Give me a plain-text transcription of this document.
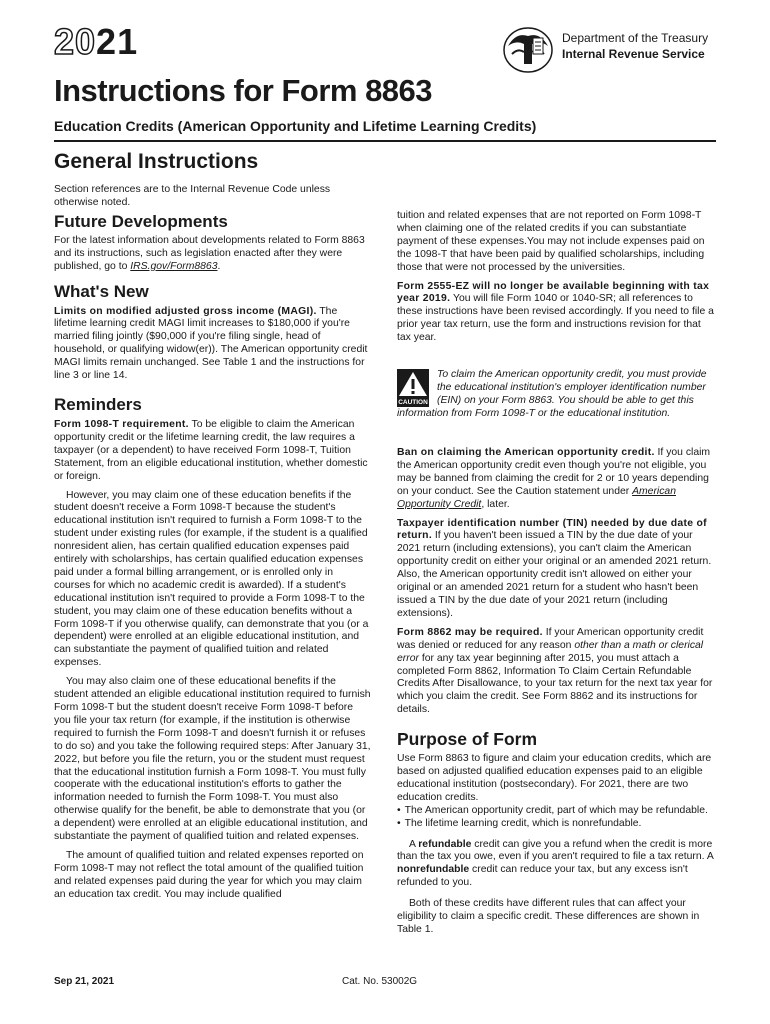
2021	Department of the Treasury
Internal Revenue Service
Instructions for Form 8863
Education Credits (American Opportunity and Lifetime Learning Credits)
General Instructions

Section references are to the Internal Revenue Code unless otherwise noted.

Future Developments

For the latest information about developments related to Form 8863 and its instructions, such as legislation enacted after they were published, go to IRS.gov/Form8863.

What's New

Limits on modified adjusted gross income (MAGI). The lifetime learning credit MAGI limit increases to $180,000 if you're married filing jointly ($90,000 if you're filing single, head of household, or qualifying widow(er)). The American opportunity credit MAGI limits remain unchanged. See Table 1 and the instructions for line 3 or line 14.

Reminders

Form 1098-T requirement. To be eligible to claim the American opportunity credit or the lifetime learning credit, the law requires a taxpayer (or a dependent) to have received Form 1098-T, Tuition Statement, from an eligible educational institution, whether domestic or foreign.

However, you may claim one of these education benefits if the student doesn't receive a Form 1098-T because the student's educational institution isn't required to furnish a Form 1098-T to the student under existing rules (for example, if the student is a qualified nonresident alien, has certain qualified education expenses paid entirely with scholarships, has certain qualified education expenses paid under a formal billing arrangement, or is enrolled only in courses for which no academic credit is awarded). If a student's educational institution isn't required to provide a Form 1098-T to the student, you may claim one of these education benefits without a Form 1098-T if you otherwise qualify, can demonstrate that you (or a dependent) were enrolled at an eligible educational institution, and can substantiate the payment of qualified tuition and related expenses.

You may also claim one of these educational benefits if the student attended an eligible educational institution required to furnish Form 1098-T but the student doesn't receive Form 1098-T before you file your tax return (for example, if the institution is otherwise required to furnish the Form 1098-T and doesn't furnish it or refuses to do so) and you take the following required steps: After January 31, 2022, but before you file the return, you or the student must request that the educational institution furnish a Form 1098-T. You must fully cooperate with the educational institution's efforts to gather the information needed to furnish the Form 1098-T. You must also otherwise qualify for the benefit, be able to demonstrate that you (or a dependent) were enrolled at an eligible educational institution, and substantiate the payment of qualified tuition and related expenses.

The amount of qualified tuition and related expenses reported on Form 1098-T may not reflect the total amount of the qualified tuition and related expenses paid during the year for which you may claim an education tax credit. You may include qualified

tuition and related expenses that are not reported on Form 1098-T when claiming one of the related credits if you can substantiate payment of these expenses.You may not include expenses paid on the 1098-T that have been paid by qualified scholarships, including those that were not processed by the universities.

Form 2555-EZ will no longer be available beginning with tax year 2019. You will file Form 1040 or 1040-SR; all references to these instructions have been revised accordingly. If you need to file a prior year tax return, use the form and instructions revision for that tax year.

CAUTION

To claim the American opportunity credit, you must provide the educational institution's employer identification number (EIN) on your Form 8863. You should be able to get this

information from Form 1098-T or the educational institution.

Ban on claiming the American opportunity credit. If you claim the American opportunity credit even though you're not eligible, you may be banned from claiming the credit for 2 or 10 years depending on your conduct. See the Caution statement under American Opportunity Credit, later.

Taxpayer identification number (TIN) needed by due date of return. If you haven't been issued a TIN by the due date of your 2021 return (including extensions), you can't claim the American opportunity credit on either your original or an amended 2021 return. Also, the American opportunity credit isn't allowed on either your original or an amended 2021 return for a student who hasn't been issued a TIN by the due date of your 2021 return (including extensions).

Form 8862 may be required. If your American opportunity credit was denied or reduced for any reason other than a math or clerical error for any tax year beginning after 2015, you must attach a completed Form 8862, Information To Claim Certain Refundable Credits After Disallowance, to your tax return for the next tax year for which you claim the credit. See Form 8862 and its instructions for details.

Purpose of Form

Use Form 8863 to figure and claim your education credits, which are based on adjusted qualified education expenses paid to an eligible educational institution (postsecondary). For 2021, there are two education credits.

• The American opportunity credit, part of which may be refundable.

• The lifetime learning credit, which is nonrefundable.

A refundable credit can give you a refund when the credit is more than the tax you owe, even if you aren't required to file a tax return. A nonrefundable credit can reduce your tax, but any excess isn't refunded to you.

Both of these credits have different rules that can affect your eligibility to claim a specific credit. These differences are shown in Table 1.

Sep 21, 2021	Cat. No. 53002G
